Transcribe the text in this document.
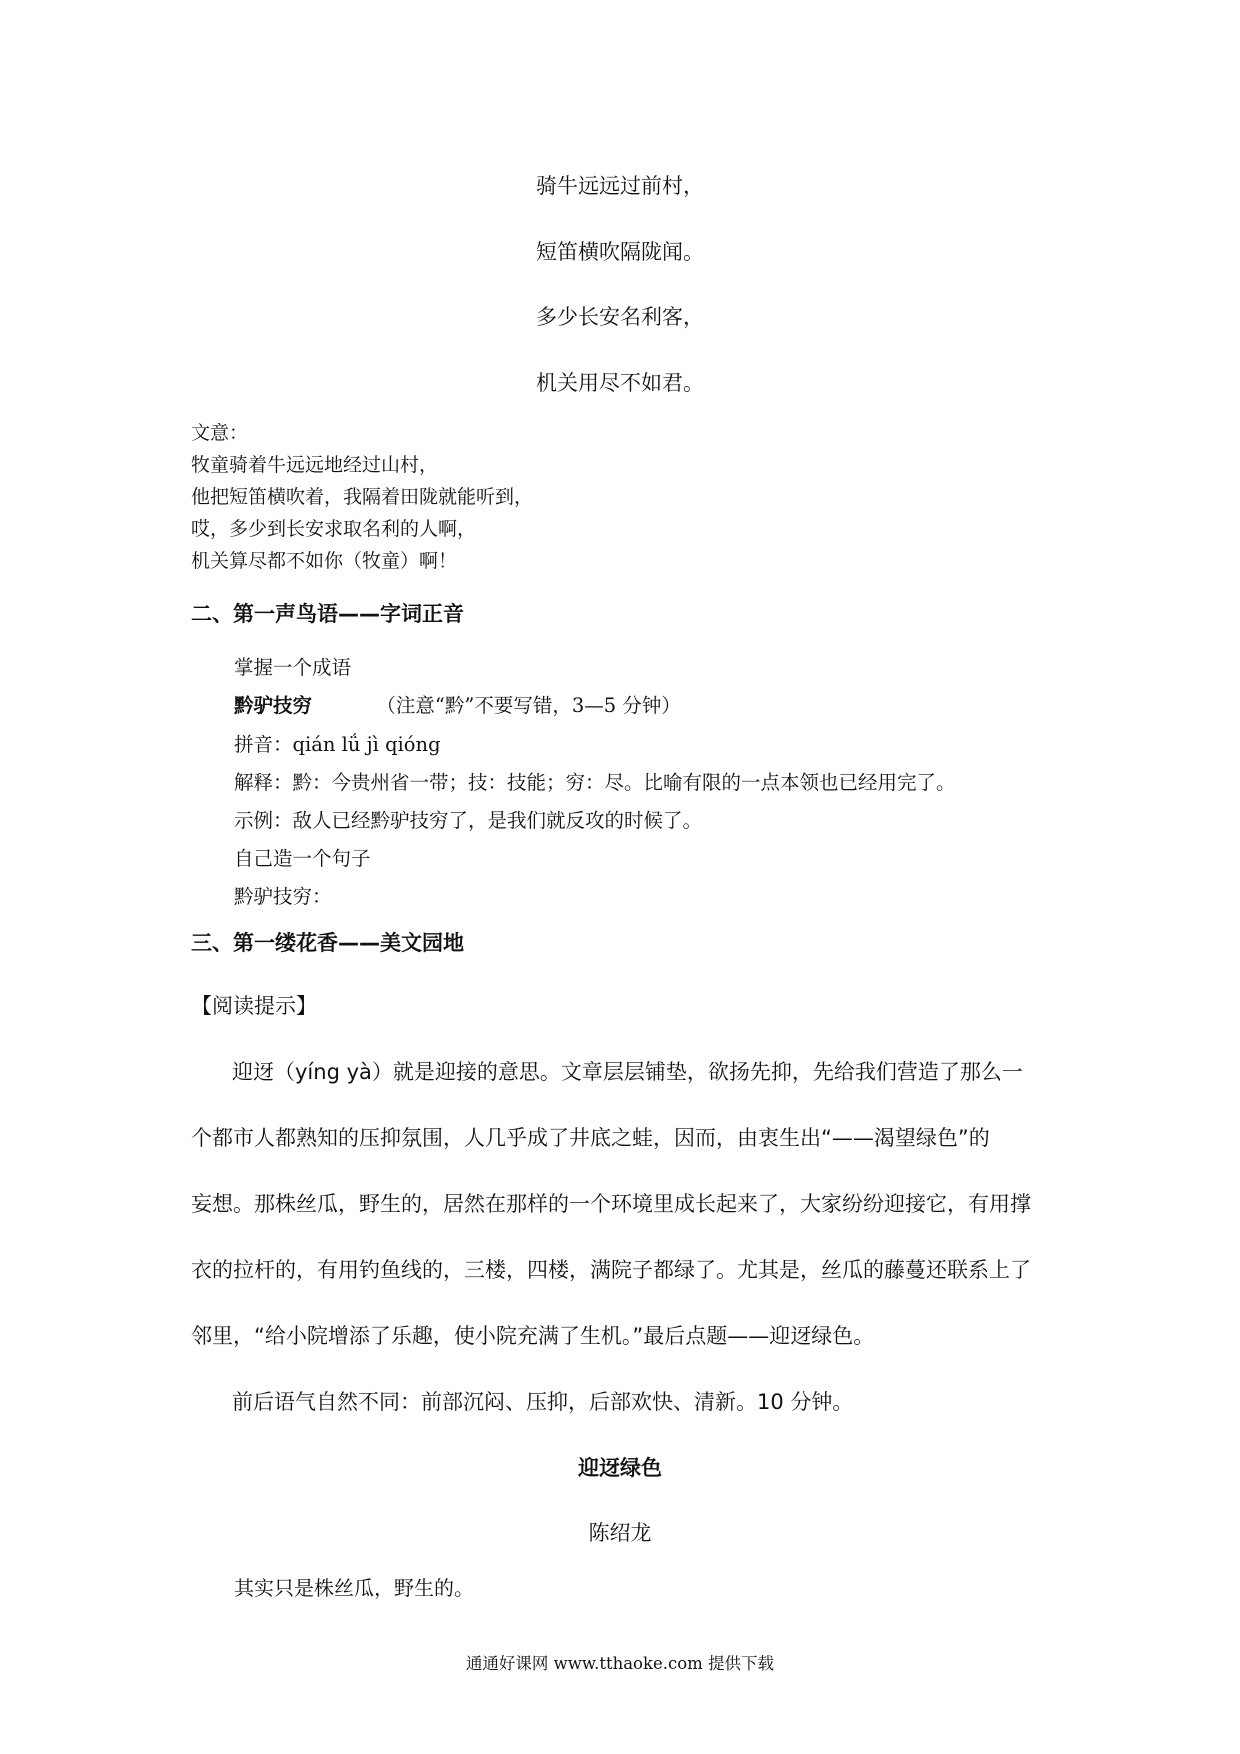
骑牛远远过前村，
短笛横吹隔陇闻。
多少长安名利客，
机关用尽不如君。
文意：
牧童骑着牛远远地经过山村，
他把短笛横吹着，我隔着田陇就能听到，
哎，多少到长安求取名利的人啊，
机关算尽都不如你（牧童）啊！
二、第一声鸟语——字词正音
掌握一个成语
黔驴技穷	（注意“黔”不要写错，3—5 分钟）
拼音：qián lǘ jì qióng
解释：黔：今贵州省一带；技：技能；穷：尽。比喻有限的一点本领也已经用完了。
示例：敌人已经黔驴技穷了，是我们就反攻的时候了。
自己造一个句子
黔驴技穷：
三、第一缕花香——美文园地
【阅读提示】
迎迓（yíng yà）就是迎接的意思。文章层层铺垫，欲扬先抑，先给我们营造了那么一
个都市人都熟知的压抑氛围，人几乎成了井底之蛙，因而，由衷生出“——渴望绿色”的
妄想。那株丝瓜，野生的，居然在那样的一个环境里成长起来了，大家纷纷迎接它，有用撑
衣的拉杆的，有用钓鱼线的，三楼，四楼，满院子都绿了。尤其是，丝瓜的藤蔓还联系上了
邻里，“给小院增添了乐趣，使小院充满了生机。”最后点题——迎迓绿色。
前后语气自然不同：前部沉闷、压抑，后部欢快、清新。10 分钟。
迎迓绿色
陈绍龙
其实只是株丝瓜，野生的。
通通好课网 www.tthaoke.com 提供下载
